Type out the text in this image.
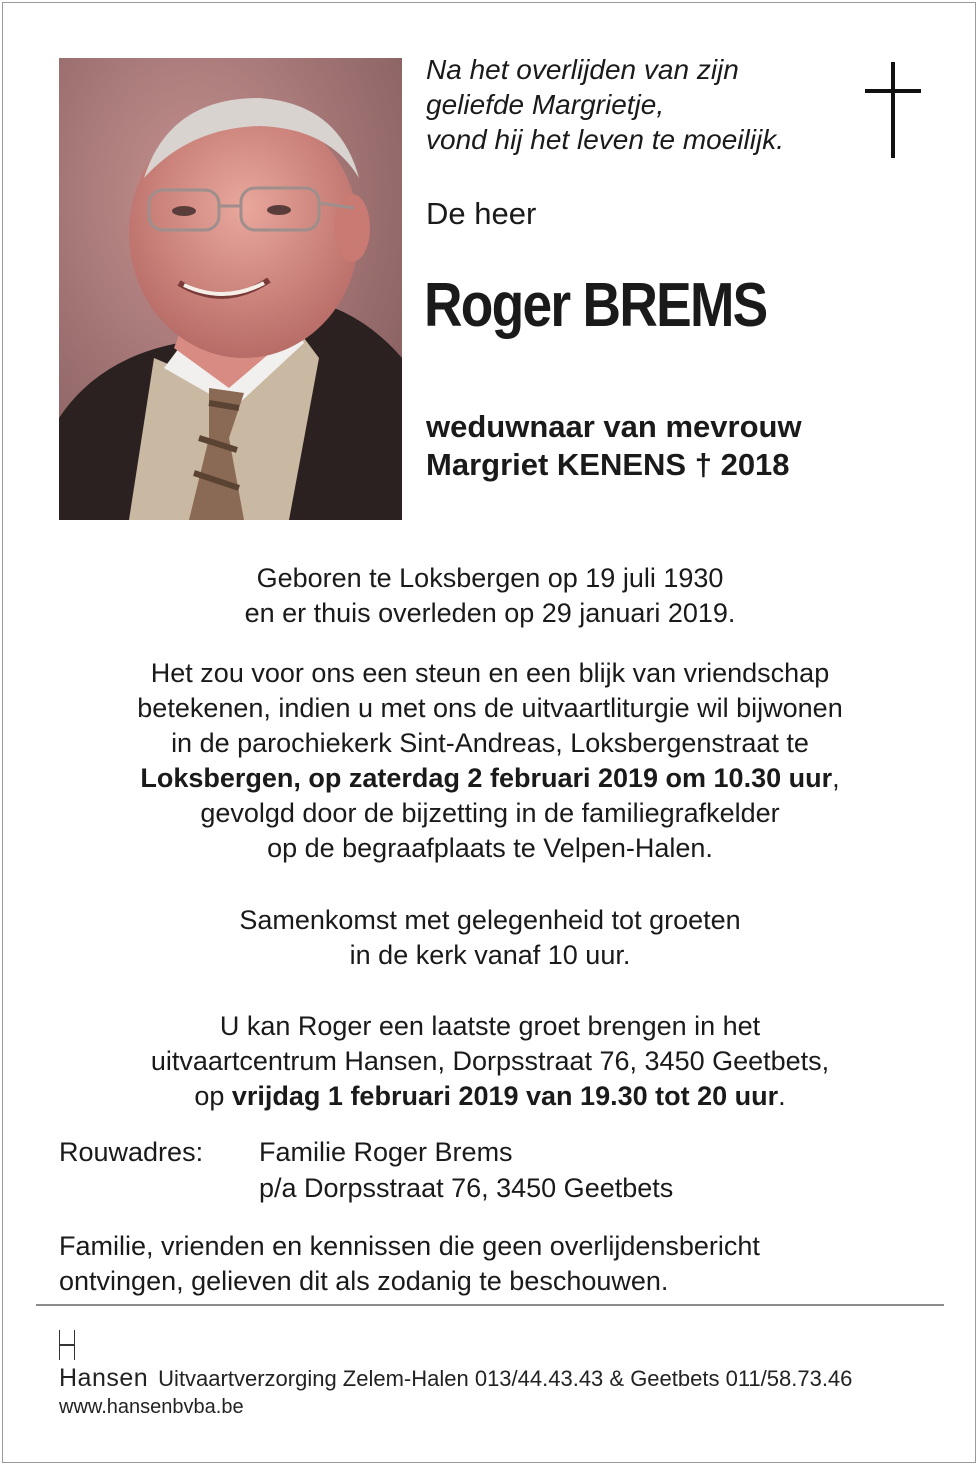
Na het overlijden van zijn
geliefde Margrietje,
vond hij het leven te moeilijk.
De heer
Roger BREMS
weduwnaar van mevrouw
Margriet KENENS † 2018
Geboren te Loksbergen op 19 juli 1930
en er thuis overleden op 29 januari 2019.
Het zou voor ons een steun en een blijk van vriendschap
betekenen, indien u met ons de uitvaartliturgie wil bijwonen
in de parochiekerk Sint-Andreas, Loksbergenstraat te
Loksbergen, op zaterdag 2 februari 2019 om 10.30 uur,
gevolgd door de bijzetting in de familiegrafkelder
op de begraafplaats te Velpen-Halen.
Samenkomst met gelegenheid tot groeten
in de kerk vanaf 10 uur.
U kan Roger een laatste groet brengen in het
uitvaartcentrum Hansen, Dorpsstraat 76, 3450 Geetbets,
op vrijdag 1 februari 2019 van 19.30 tot 20 uur.
Rouwadres: Familie Roger Brems
p/a Dorpsstraat 76, 3450 Geetbets
Familie, vrienden en kennissen die geen overlijdensbericht
ontvingen, gelieven dit als zodanig te beschouwen.
Hansen Uitvaartverzorging Zelem-Halen 013/44.43.43 & Geetbets 011/58.73.46
www.hansenbvba.be
